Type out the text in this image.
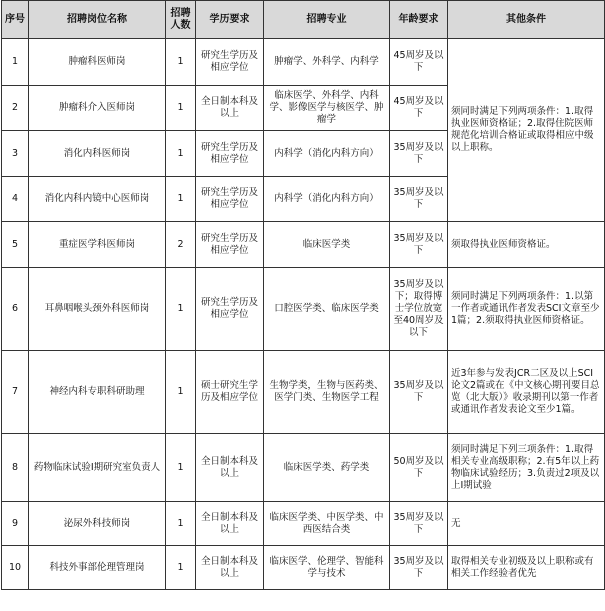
序号	招聘岗位名称	招聘人数	学历要求	招聘专业	年龄要求	其他条件
1	肿瘤科医师岗	1	研究生学历及相应学位	肿瘤学、外科学、内科学	45周岁及以下	须同时满足下列两项条件：1.取得执业医师资格证；2.取得住院医师规范化培训合格证或取得相应中级以上职称。
2	肿瘤科介入医师岗	1	全日制本科及以上	临床医学、外科学、内科学、影像医学与核医学、肿瘤学	45周岁及以下	
3	消化内科医师岗	1	研究生学历及相应学位	内科学（消化内科方向）	35周岁及以下	
4	消化内科内镜中心医师岗	1	研究生学历及相应学位	内科学（消化内科方向）	35周岁及以下	
5	重症医学科医师岗	2	研究生学历及相应学位	临床医学类	35周岁及以下	须取得执业医师资格证。
6	耳鼻咽喉头颈外科医师岗	1	研究生学历及相应学位	口腔医学类、临床医学类	35周岁及以下；取得博士学位放宽至40周岁及以下	须同时满足下列两项条件：1.以第一作者或通讯作者发表SCI文章至少1篇；2.须取得执业医师资格证。
7	神经内科专职科研助理	1	硕士研究生学历及相应学位	生物学类，生物与医药类、医学门类、生物医学工程	35周岁及以下	近3年参与发表JCR二区及以上SCI论文2篇或在《中文核心期刊要目总览（北大版）》收录期刊以第一作者或通讯作者发表论文至少1篇。
8	药物临床试验I期研究室负责人	1	全日制本科及以上	临床医学类、药学类	50周岁及以下	须同时满足下列三项条件：1.取得相关专业高级职称；2.有5年以上药物临床试验经历；3.负责过2项及以上I期试验
9	泌尿外科技师岗	1	全日制本科及以上	临床医学类、中医学类、中西医结合类	35周岁及以下	无
10	科技外事部伦理管理岗	1	全日制本科及以上	临床医学、伦理学、智能科学与技术	35周岁及以下	取得相关专业初级及以上职称或有相关工作经验者优先
